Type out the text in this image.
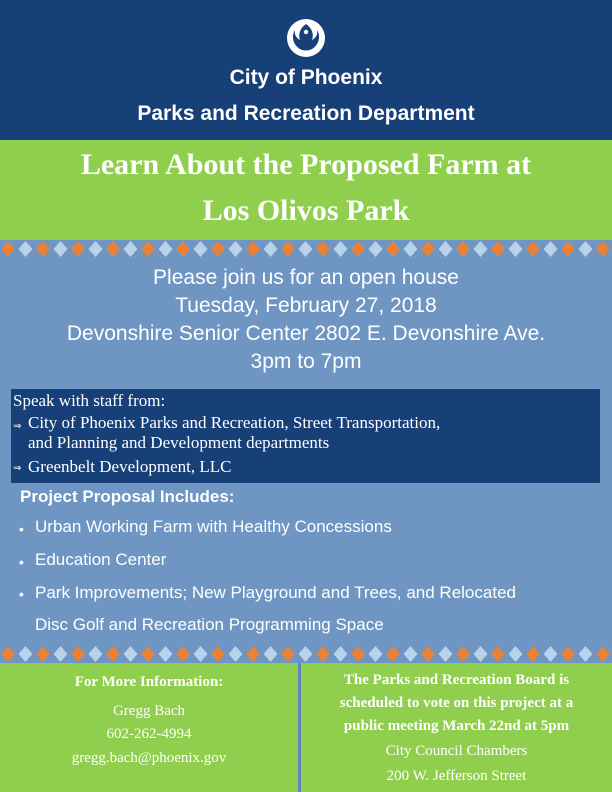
City of Phoenix
Parks and Recreation Department
Learn About the Proposed Farm at
Los Olivos Park
Please join us for an open house
Tuesday, February 27, 2018
Devonshire Senior Center 2802 E. Devonshire Ave.
3pm to 7pm
Speak with staff from:
⇒ City of Phoenix Parks and Recreation, Street Transportation,
and Planning and Development departments
⇒ Greenbelt Development, LLC
Project Proposal Includes:
• Urban Working Farm with Healthy Concessions
• Education Center
• Park Improvements; New Playground and Trees, and Relocated
Disc Golf and Recreation Programming Space
For More Information:
Gregg Bach
602-262-4994
gregg.bach@phoenix.gov
The Parks and Recreation Board is
scheduled to vote on this project at a
public meeting March 22nd at 5pm
City Council Chambers
200 W. Jefferson Street
